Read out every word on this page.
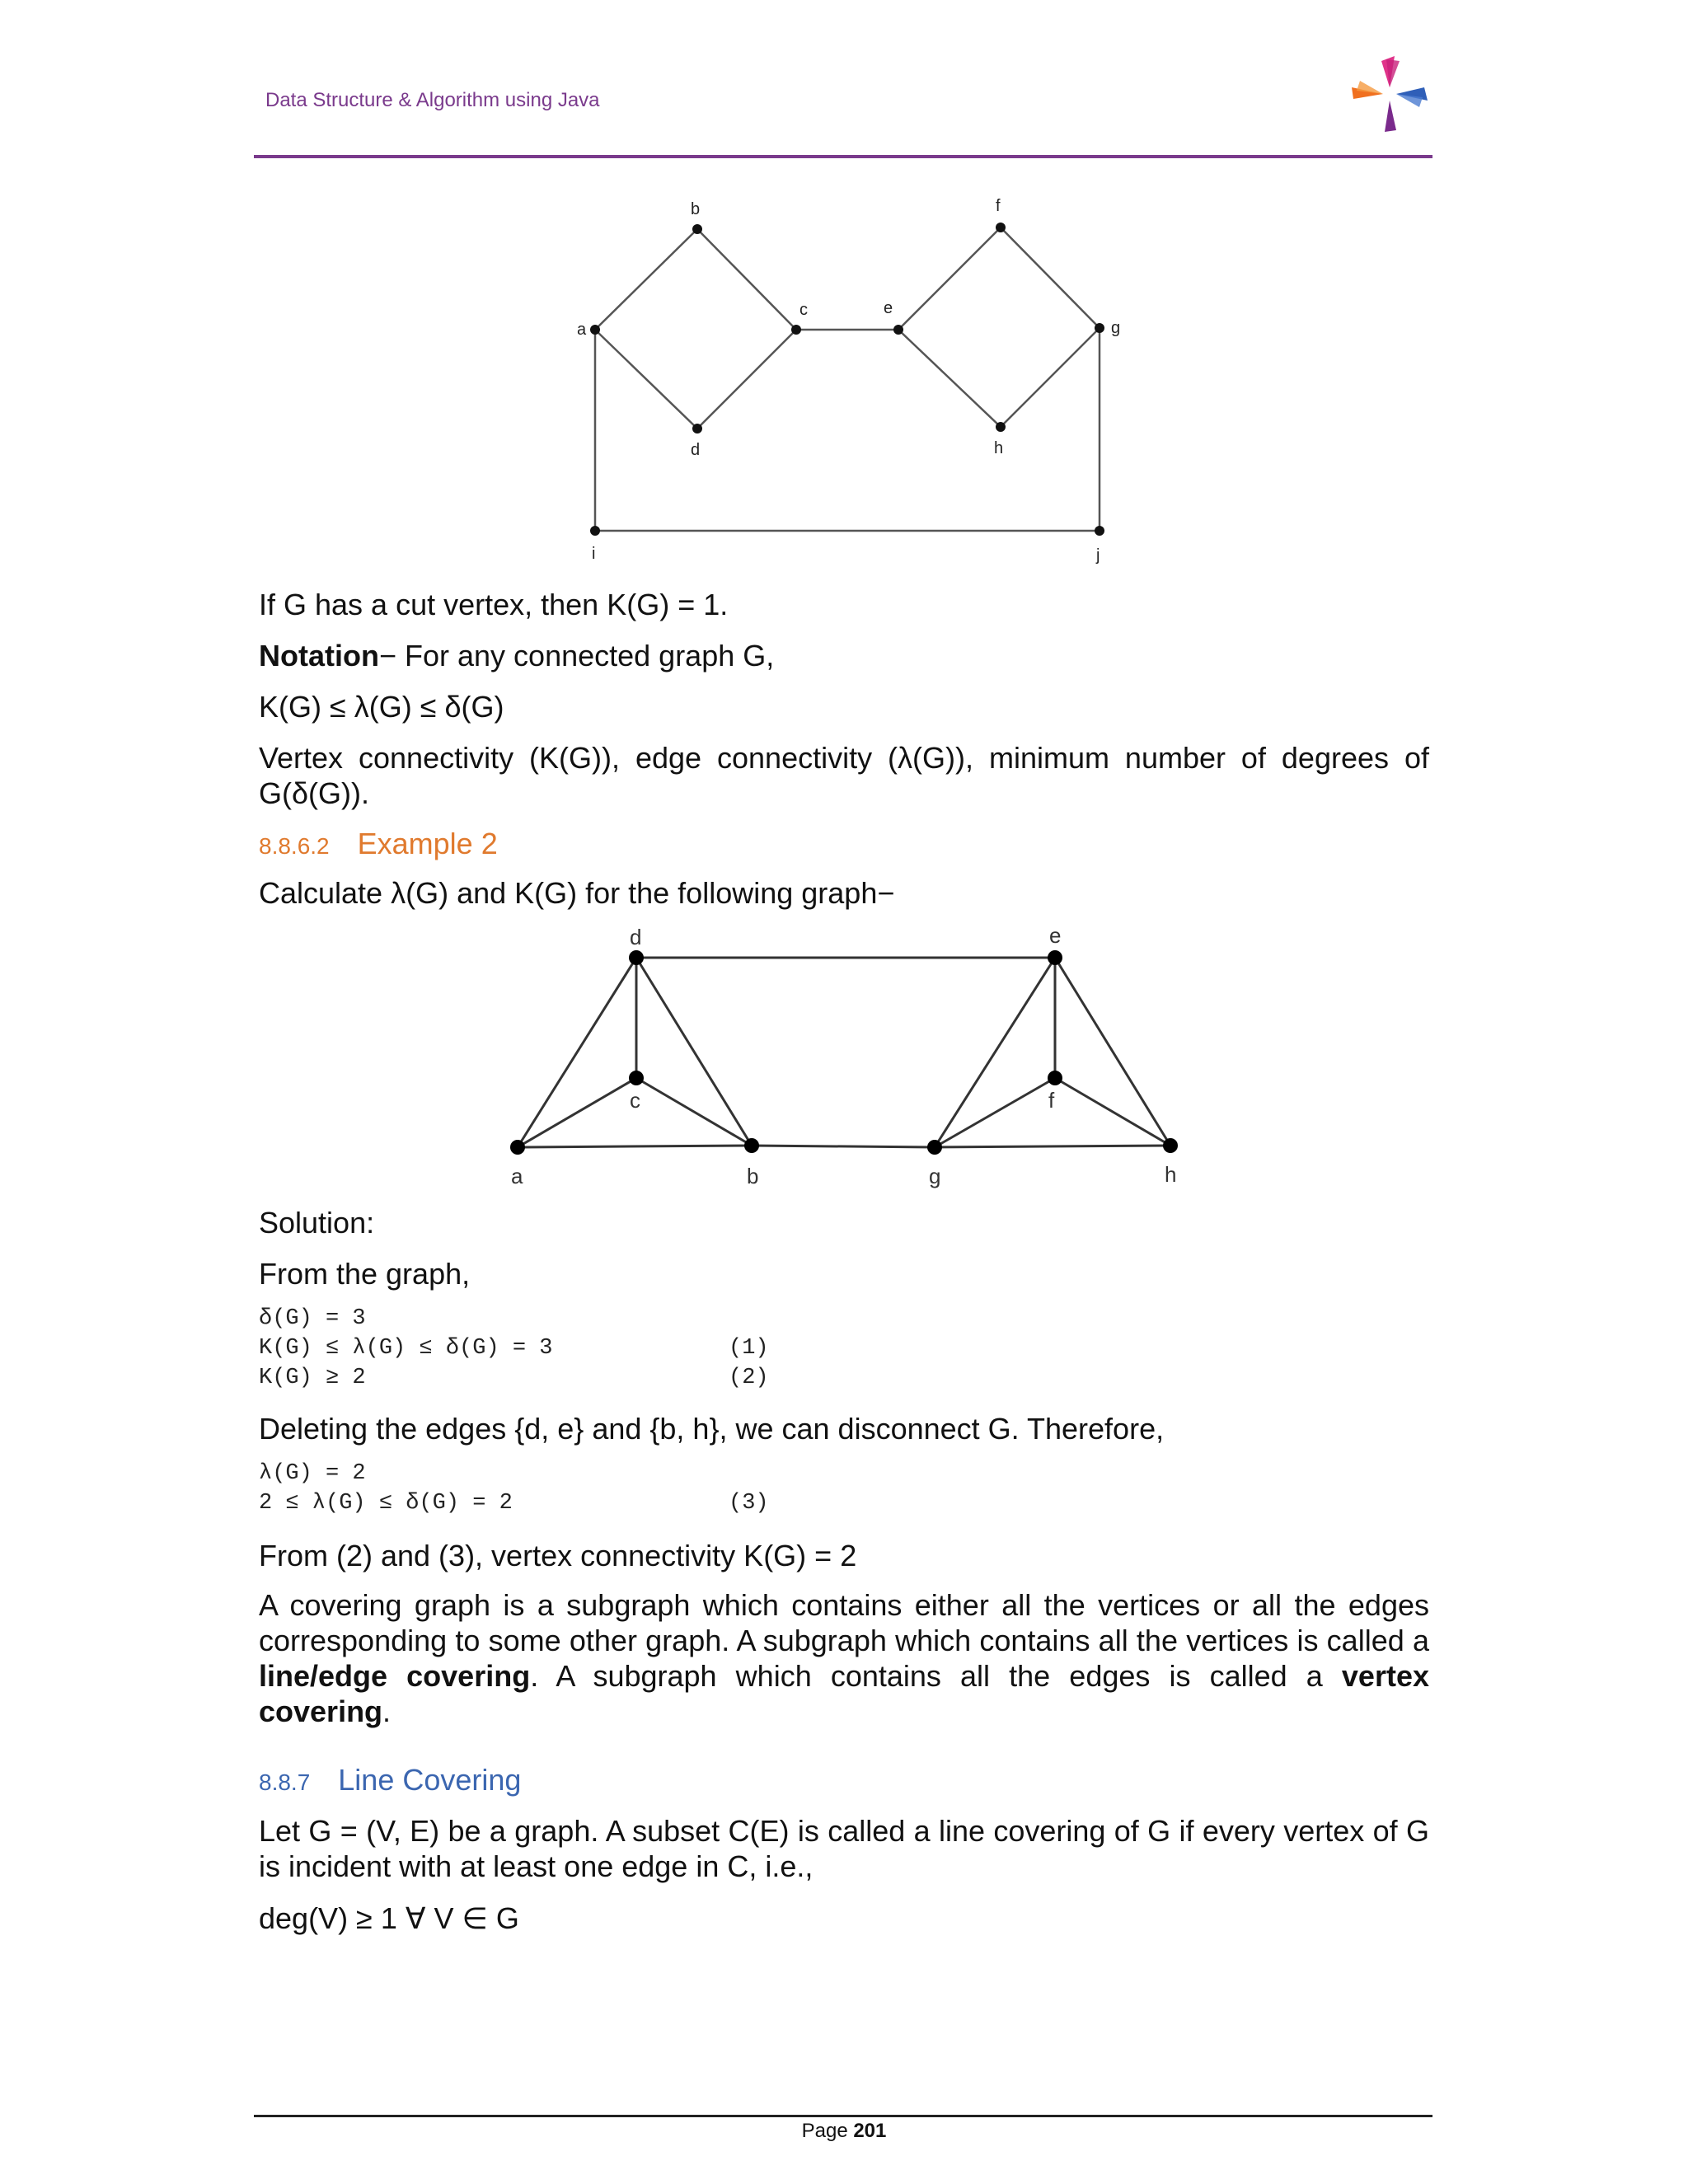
Data Structure & Algorithm using Java
a
b
c
d
e
f
g
h
i	j
If G has a cut vertex, then K(G) = 1.
Notation− For any connected graph G,
K(G) ≤ λ(G) ≤ δ(G)
Vertex connectivity (K(G)), edge connectivity (λ(G)), minimum number of degrees of G(δ(G)).
8.8.6.2 Example 2
Calculate λ(G) and K(G) for the following graph−
a	b
c
d	e
f
g	h
Solution:
From the graph,
δ(G) = 3
K(G) ≤ λ(G) ≤ δ(G) = 3	(1)
K(G) ≥ 2	(2)
Deleting the edges {d, e} and {b, h}, we can disconnect G. Therefore,
λ(G) = 2
2 ≤ λ(G) ≤ δ(G) = 2	(3)
From (2) and (3), vertex connectivity K(G) = 2
A covering graph is a subgraph which contains either all the vertices or all the edges corresponding to some other graph. A subgraph which contains all the vertices is called a line/edge covering. A subgraph which contains all the edges is called a vertex covering.
8.8.7 Line Covering
Let G = (V, E) be a graph. A subset C(E) is called a line covering of G if every vertex of G is incident with at least one edge in C, i.e.,
deg(V) ≥ 1 ∀ V ∈ G
Page 201
